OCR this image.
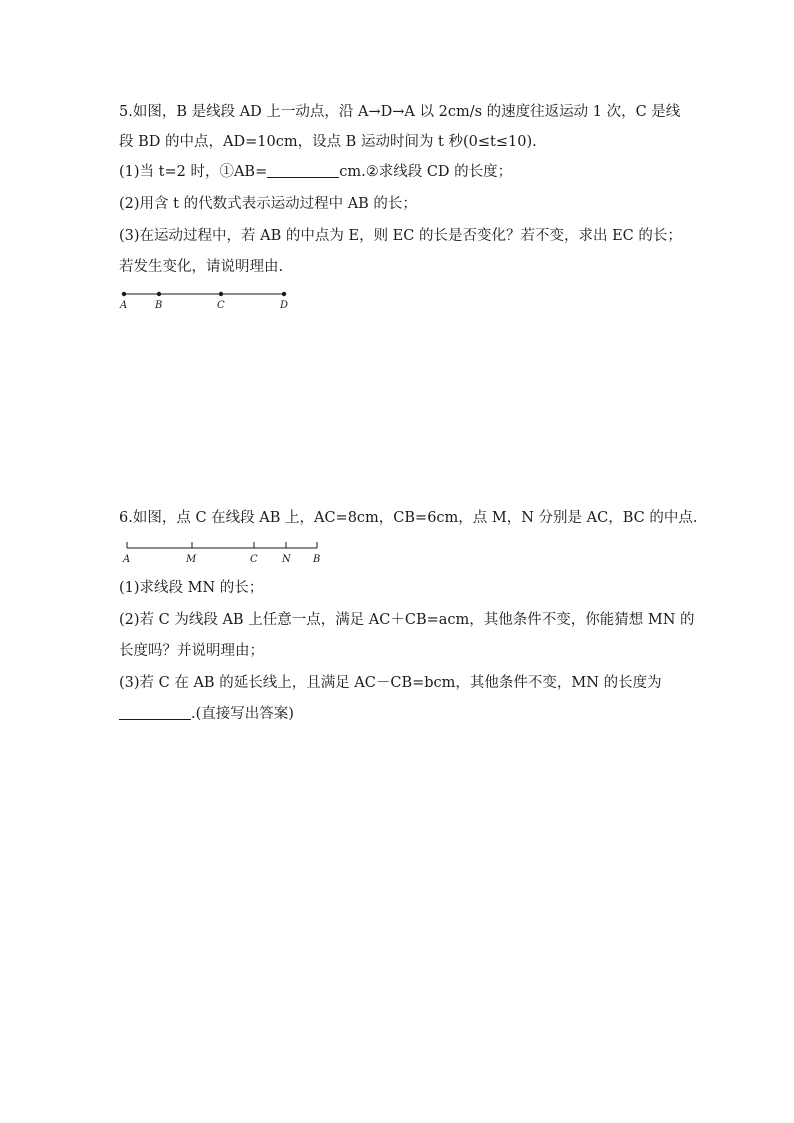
5.如图，B 是线段 AD 上一动点，沿 A→D→A 以 2cm/s 的速度往返运动 1 次，C 是线

段 BD 的中点，AD=10cm，设点 B 运动时间为 t 秒(0≤t≤10).

(1)当 t=2 时，①AB=	cm.②求线段 CD 的长度；

(2)用含 t 的代数式表示运动过程中 AB 的长；

(3)在运动过程中，若 AB 的中点为 E，则 EC 的长是否变化？若不变，求出 EC 的长；

若发生变化，请说明理由.

A	B	C	D

6.如图，点 C 在线段 AB 上，AC=8cm，CB=6cm，点 M，N 分别是 AC，BC 的中点.

A	M	C N B

(1)求线段 MN 的长；

(2)若 C 为线段 AB 上任意一点，满足 AC＋CB=acm，其他条件不变，你能猜想 MN 的

长度吗？并说明理由；

(3)若 C 在 AB 的延长线上，且满足 AC－CB=bcm，其他条件不变，MN 的长度为

.(直接写出答案)
